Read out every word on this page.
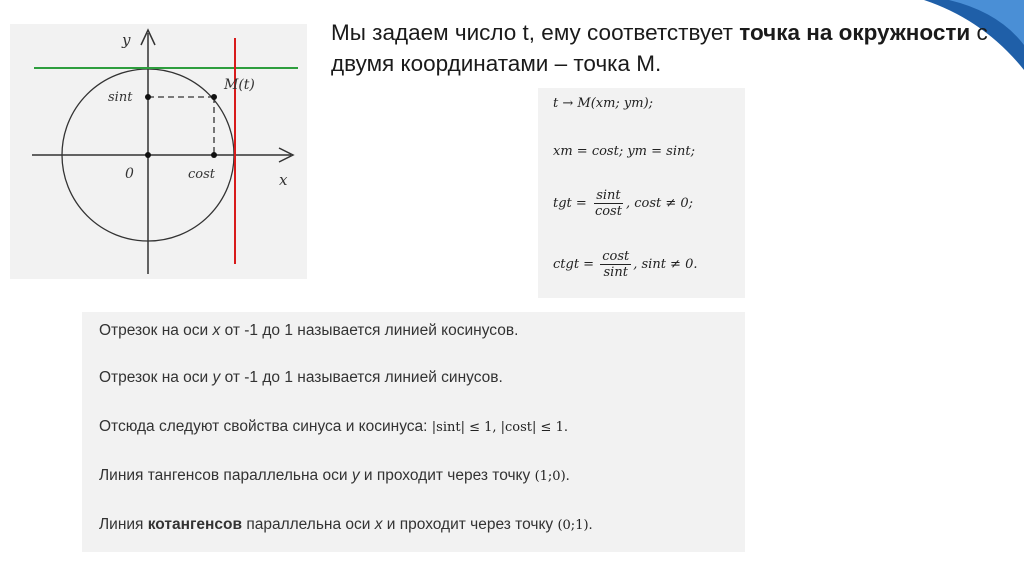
y
x
0
sint
cost
M(t)
Мы задаем число t, ему соответствует точка на окружности с двумя координатами – точка М.
t → M(xm; ym);
xm = cost; ym = sint;
tgt = $\frac{\sin t}{\cos t}$ , cost ≠ 0;
ctgt = $\frac{\cos t}{\sin t}$ , sint ≠ 0.
Отрезок на оси x от -1 до 1 называется линией косинусов.
Отрезок на оси y от -1 до 1 называется линией синусов.
Отсюда следуют свойства синуса и косинуса: |sint| ≤ 1, |cost| ≤ 1.
Линия тангенсов параллельна оси y и проходит через точку (1;0).
Линия котангенсов параллельна оси x и проходит через точку (0;1).
